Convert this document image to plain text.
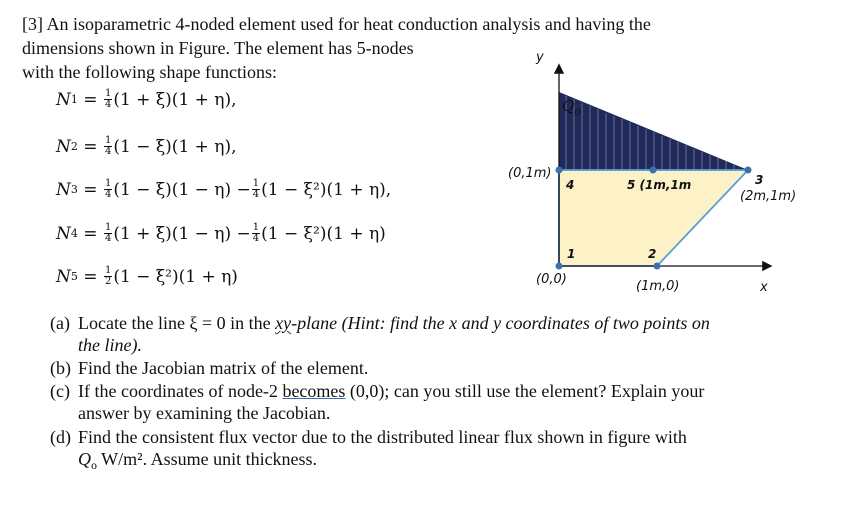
[3] An isoparametric 4-noded element used for heat conduction analysis and having the
dimensions shown in Figure. The element has 5-nodes
with the following shape functions:
N $1 = \frac{1}{4} (1 + \xi)(1 + \eta)$,
N $2 = \frac{1}{4} (1 - \xi)(1 + \eta)$,
N $3 = \frac{1}{4} (1 - \xi)(1 - \eta) - \frac{1}{4} (1 - \xi^2)(1 + \eta)$,
N $4 = \frac{1}{4} (1 + \xi)(1 - \eta) - \frac{1}{4} (1 - \xi^2)(1 + \eta)$
N $5 = \frac{1}{2} (1 - \xi^2)(1 + \eta)$
y
x
$Q_o$
(0,1m)
(0,0)	(1m,0)
4	5 (1m,1m	3
(2m,1m)
1	2
(a) Locate the line ξ = 0 in the xy-plane (Hint: find the x and y coordinates of two points on
the line).
(b) Find the Jacobian matrix of the element.
(c) If the coordinates of node-2 becomes (0,0); can you still use the element? Explain your
answer by examining the Jacobian.
(d) Find the consistent flux vector due to the distributed linear flux shown in figure with
$Q_o$ W/m². Assume unit thickness.
